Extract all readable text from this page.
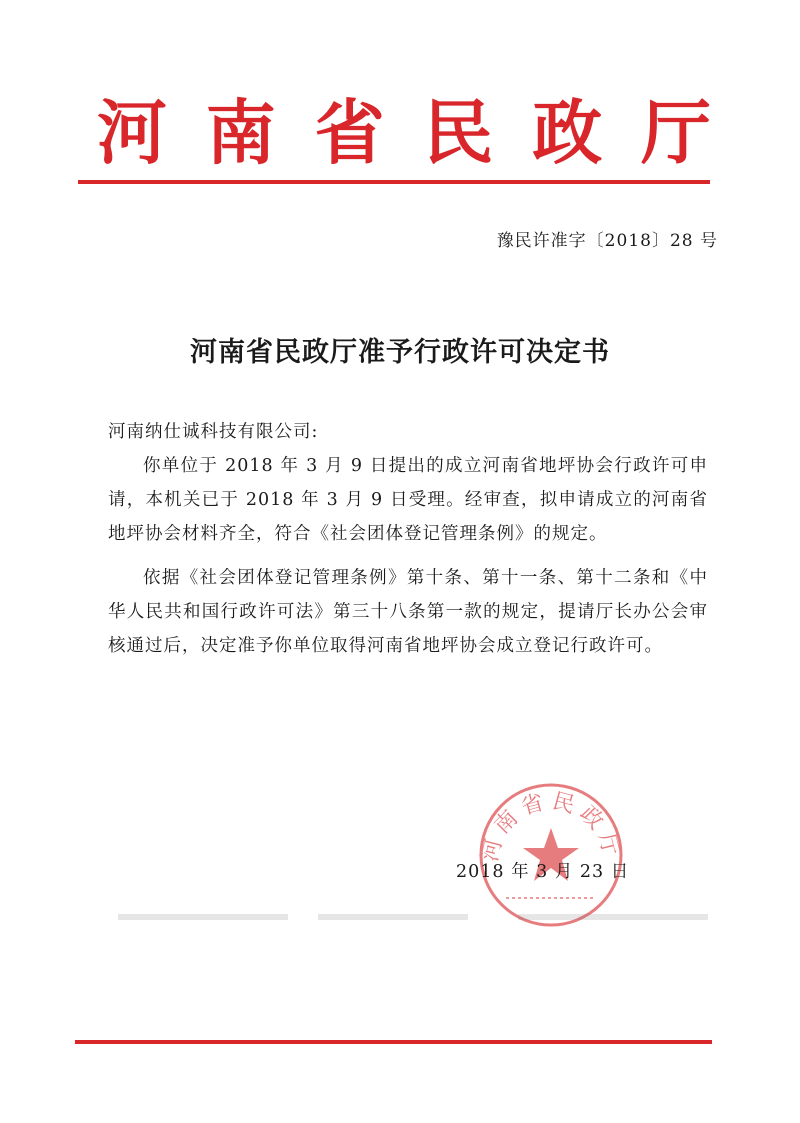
河 南 省 民 政 厅
豫民许准字〔2018〕28 号
河南省民政厅准予行政许可决定书

河南纳仕诚科技有限公司:

你单位于 2018 年 3 月 9 日提出的成立河南省地坪协会行政许可申请，本机关已于 2018 年 3 月 9 日受理。经审查，拟申请成立的河南省地坪协会材料齐全，符合《社会团体登记管理条例》的规定。

依据《社会团体登记管理条例》第十条、第十一条、第十二条和《中华人民共和国行政许可法》第三十八条第一款的规定，提请厅长办公会审核通过后，决定准予你单位取得河南省地坪协会成立登记行政许可。

河南省民政厅
2018 年 3 月 23 日
